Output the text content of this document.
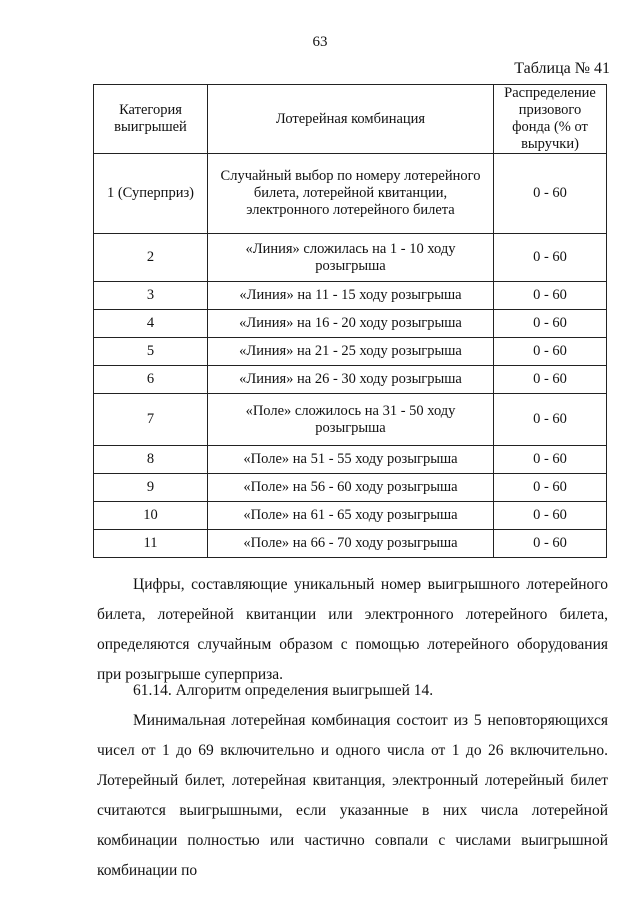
63
Таблица № 41
Категория выигрышей	Лотерейная комбинация	Распределение призового фонда (% от выручки)
1 (Суперприз)	Случайный выбор по номеру лотерейного билета, лотерейной квитанции, электронного лотерейного билета	0 - 60
2	«Линия» сложилась на 1 - 10 ходу розыгрыша	0 - 60
3	«Линия» на 11 - 15 ходу розыгрыша	0 - 60
4	«Линия» на 16 - 20 ходу розыгрыша	0 - 60
5	«Линия» на 21 - 25 ходу розыгрыша	0 - 60
6	«Линия» на 26 - 30 ходу розыгрыша	0 - 60
7	«Поле» сложилось на 31 - 50 ходу розыгрыша	0 - 60
8	«Поле» на 51 - 55 ходу розыгрыша	0 - 60
9	«Поле» на 56 - 60 ходу розыгрыша	0 - 60
10	«Поле» на 61 - 65 ходу розыгрыша	0 - 60
11	«Поле» на 66 - 70 ходу розыгрыша	0 - 60

Цифры, составляющие уникальный номер выигрышного лотерейного билета, лотерейной квитанции или электронного лотерейного билета, определяются случайным образом с помощью лотерейного оборудования при розыгрыше суперприза.

61.14. Алгоритм определения выигрышей 14.

Минимальная лотерейная комбинация состоит из 5 неповторяющихся чисел от 1 до 69 включительно и одного числа от 1 до 26 включительно. Лотерейный билет, лотерейная квитанция, электронный лотерейный билет считаются выигрышными, если указанные в них числа лотерейной комбинации полностью или частично совпали с числами выигрышной комбинации по
